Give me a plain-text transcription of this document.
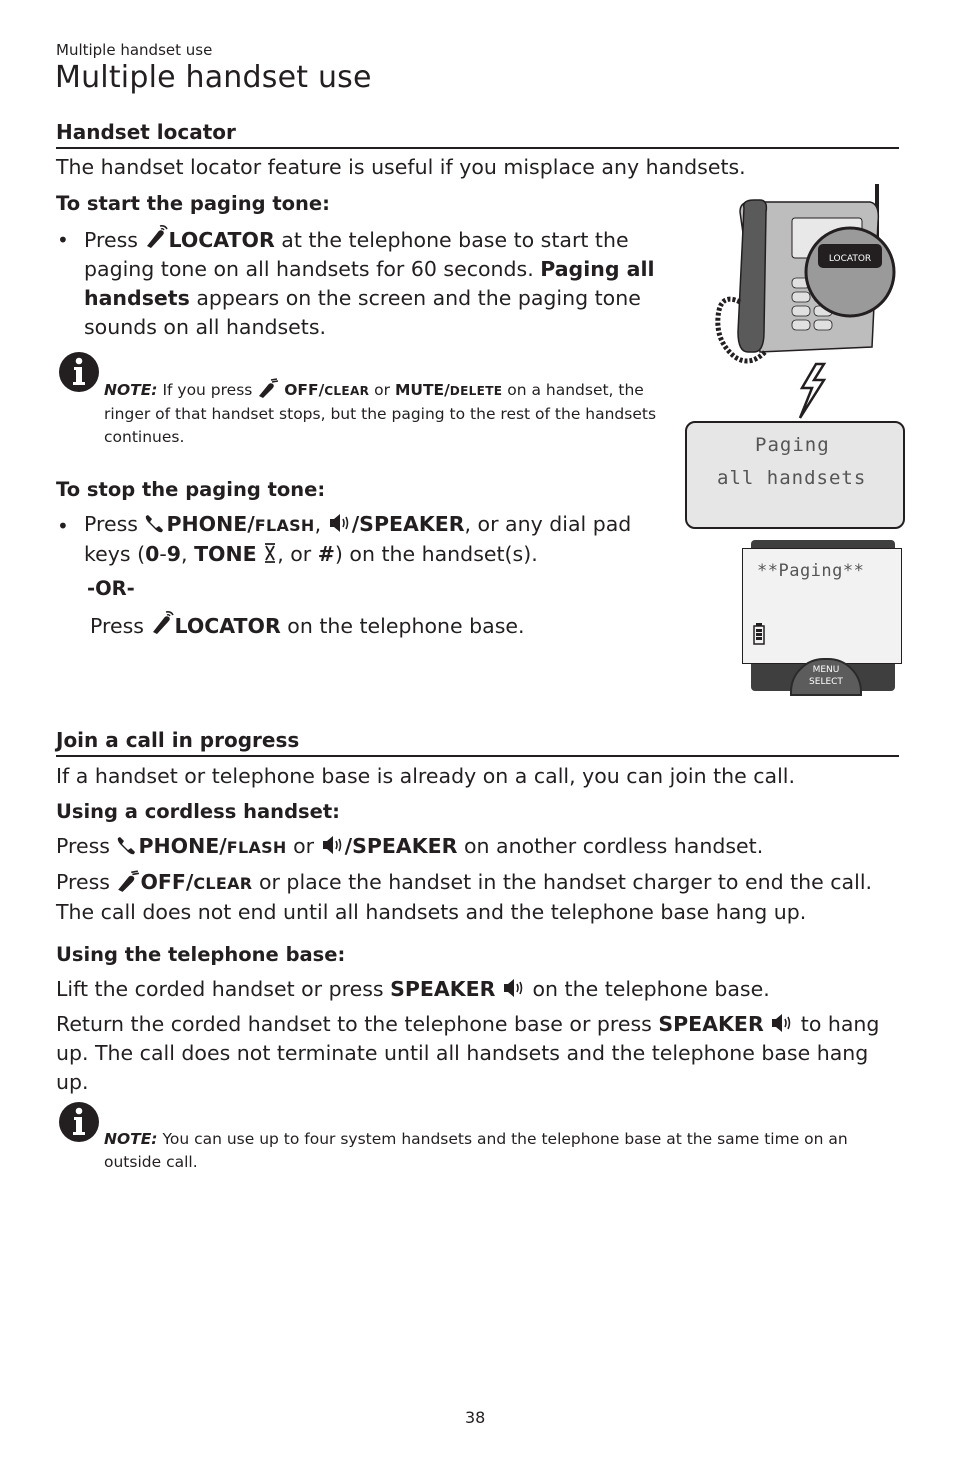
Multiple handset use
Multiple handset use
Handset locator
The handset locator feature is useful if you misplace any handsets.
To start the paging tone:
• Press LOCATOR at the telephone base to start the paging tone on all handsets for 60 seconds. Paging all handsets appears on the screen and the paging tone sounds on all handsets.
NOTE: If you press  OFF/CLEAR or MUTE/DELETE on a handset, the ringer of that handset stops, but the paging to the rest of the handsets continues.
To stop the paging tone:
• Press PHONE/FLASH, /SPEAKER, or any dial pad keys (0-9, TONE , or #) on the handset(s).
-OR-
Press LOCATOR on the telephone base.
LOCATOR
Paging
all handsets
**Paging**
MENU
SELECT
Join a call in progress
If a handset or telephone base is already on a call, you can join the call.
Using a cordless handset:
Press PHONE/FLASH or /SPEAKER on another cordless handset.
Press OFF/CLEAR or place the handset in the handset charger to end the call. The call does not end until all handsets and the telephone base hang up.
Using the telephone base:
Lift the corded handset or press SPEAKER  on the telephone base.
Return the corded handset to the telephone base or press SPEAKER  to hang up. The call does not terminate until all handsets and the telephone base hang up.
NOTE: You can use up to four system handsets and the telephone base at the same time on an outside call.
38
